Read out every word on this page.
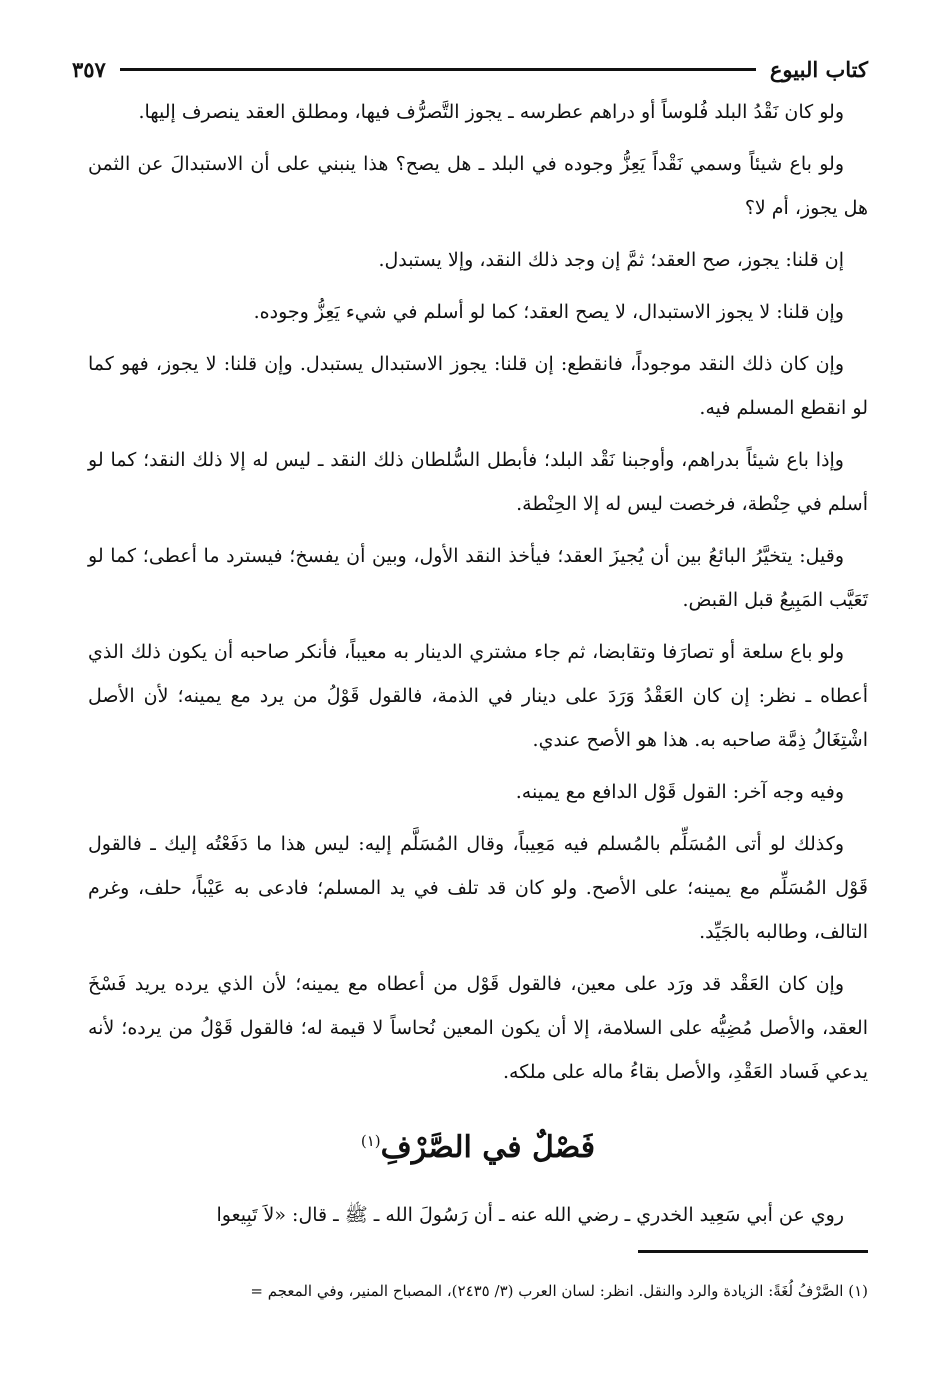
كتاب البيوع
٣٥٧

ولو كان نَقْدُ البلد فُلوساً أو دراهم عطرسه ـ يجوز التَّصرُّف فيها، ومطلق العقد ينصرف إليها.

ولو باع شيئاً وسمي نَقْداً يَعِزُّ وجوده في البلد ـ هل يصح؟ هذا ينبني على أن الاستبدالَ عن الثمن هل يجوز، أم لا؟

إن قلنا: يجوز، صح العقد؛ ثمَّ إن وجد ذلك النقد، وإلا يستبدل.

وإن قلنا: لا يجوز الاستبدال، لا يصح العقد؛ كما لو أسلم في شيء يَعِزُّ وجوده.

وإن كان ذلك النقد موجوداً، فانقطع: إن قلنا: يجوز الاستبدال يستبدل. وإن قلنا: لا يجوز، فهو كما لو انقطع المسلم فيه.

وإذا باع شيئاً بدراهم، وأوجبنا نَقْد البلد؛ فأبطل السُّلطان ذلك النقد ـ ليس له إلا ذلك النقد؛ كما لو أسلم في حِنْطة، فرخصت ليس له إلا الحِنْطة.

وقيل: يتخيَّرُ البائعُ بين أن يُجيزَ العقد؛ فيأخذ النقد الأول، وبين أن يفسخ؛ فيسترد ما أعطى؛ كما لو تَعَيَّب المَبِيعُ قبل القبض.

ولو باع سلعة أو تصارَفا وتقابضا، ثم جاء مشتري الدينار به معيباً، فأنكر صاحبه أن يكون ذلك الذي أعطاه ـ نظر: إن كان العَقْدُ وَرَدَ على دينار في الذمة، فالقول قَوْلُ من يرد مع يمينه؛ لأن الأصل اشْتِغَالُ ذِمَّة صاحبه به. هذا هو الأصح عندي.

وفيه وجه آخر: القول قَوْل الدافع مع يمينه.

وكذلك لو أتى المُسَلِّم بالمُسلم فيه مَعِيباً، وقال المُسَلَّم إليه: ليس هذا ما دَفَعْتُه إليك ـ فالقول قَوْل المُسَلِّم مع يمينه؛ على الأصح. ولو كان قد تلف في يد المسلم؛ فادعى به عَيْباً، حلف، وغرم التالف، وطالبه بالجَيِّد.

وإن كان العَقْد قد ورَد على معين، فالقول قَوْل من أعطاه مع يمينه؛ لأن الذي يرده يريد فَسْخَ العقد، والأصل مُضِيُّه على السلامة، إلا أن يكون المعين نُحاساً لا قيمة له؛ فالقول قَوْلُ من يرده؛ لأنه يدعي فَساد العَقْدِ، والأصل بقاءُ ماله على ملكه.

فَصْلٌ في الصَّرْفِ$^{(١)}$

روي عن أبي سَعِيد الخدري ـ رضي الله عنه ـ أن رَسُولَ الله ـ ﷺ ـ قال: «لاَ تَبِيعوا

(١) الصَّرْفُ لُغَةً: الزيادة والرد والنقل. انظر: لسان العرب (٣/ ٢٤٣٥)، المصباح المنير، وفي المعجم =
